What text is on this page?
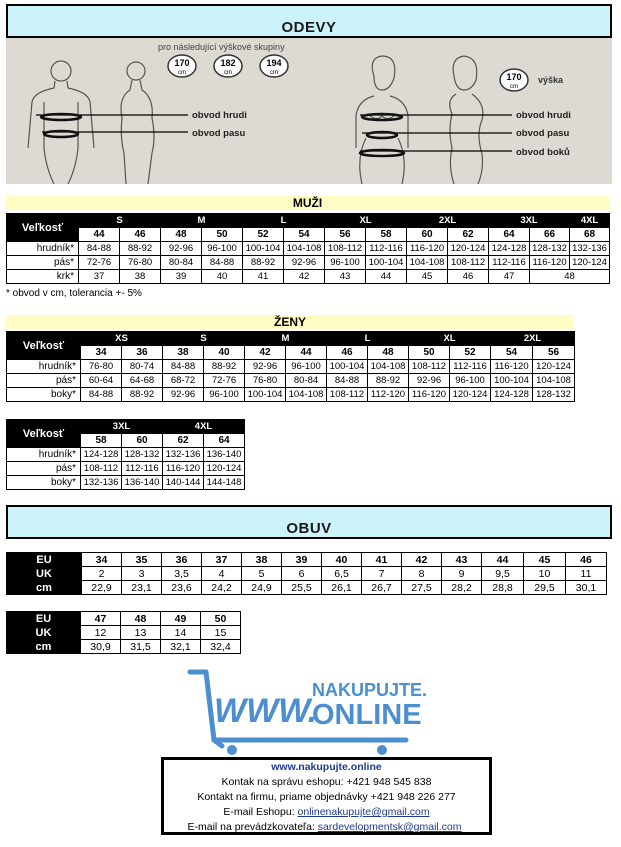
ODEVY
pro následující výškové skupiny
170
cm
182
cm
194
cm	170
cm
výška
obvod hrudi
obvod pasu
obvod hrudi
obvod pasu
obvod boků
MUŽI
Veľkosť	S		M		L		XL		2XL		3XL		4XL
	44	46	48	50	52	54	56	58	60	62	64	66	68
hrudník*	84-88	88-92	92-96	96-100	100-104	104-108	108-112	112-116	116-120	120-124	124-128	128-132	132-136
pás*	72-76	76-80	80-84	84-88	88-92	92-96	96-100	100-104	104-108	108-112	112-116	116-120	120-124
krk*	37	38	39	40	41	42	43	44	45	46	47	48	
* obvod v cm, tolerancia +- 5%
ŽENY
Veľkosť	XS		S		M		L		XL		2XL	
	34	36	38	40	42	44	46	48	50	52	54	56
hrudník*	76-80	80-74	84-88	88-92	92-96	96-100	100-104	104-108	108-112	112-116	116-120	120-124
pás*	60-64	64-68	68-72	72-76	76-80	80-84	84-88	88-92	92-96	96-100	100-104	104-108
boky*	84-88	88-92	92-96	96-100	100-104	104-108	108-112	112-120	116-120	120-124	124-128	128-132
Veľkosť	3XL		4XL	
	58	60	62	64
hrudník*	124-128	128-132	132-136	136-140
pás*	108-112	112-116	116-120	120-124
boky*	132-136	136-140	140-144	144-148
OBUV
EU	34	35	36	37	38	39	40	41	42	43	44	45	46
UK	2	3	3,5	4	5	6	6,5	7	8	9	9,5	10	11
cm	22,9	23,1	23,6	24,2	24,9	25,5	26,1	26,7	27,5	28,2	28,8	29,5	30,1
EU	47	48	49	50
UK	12	13	14	15
cm	30,9	31,5	32,1	32,4
WWW.
NAKUPUJTE.
ONLINE
www.nakupujte.online
Kontak na správu eshopu: +421 948 545 838
Kontakt na firmu, priame objednávky +421 948 226 277
E-mail Eshopu: onlinenakupujte@gmail.com
E-mail na prevádzkovateľa: sardevelopmentsk@gmail.com
